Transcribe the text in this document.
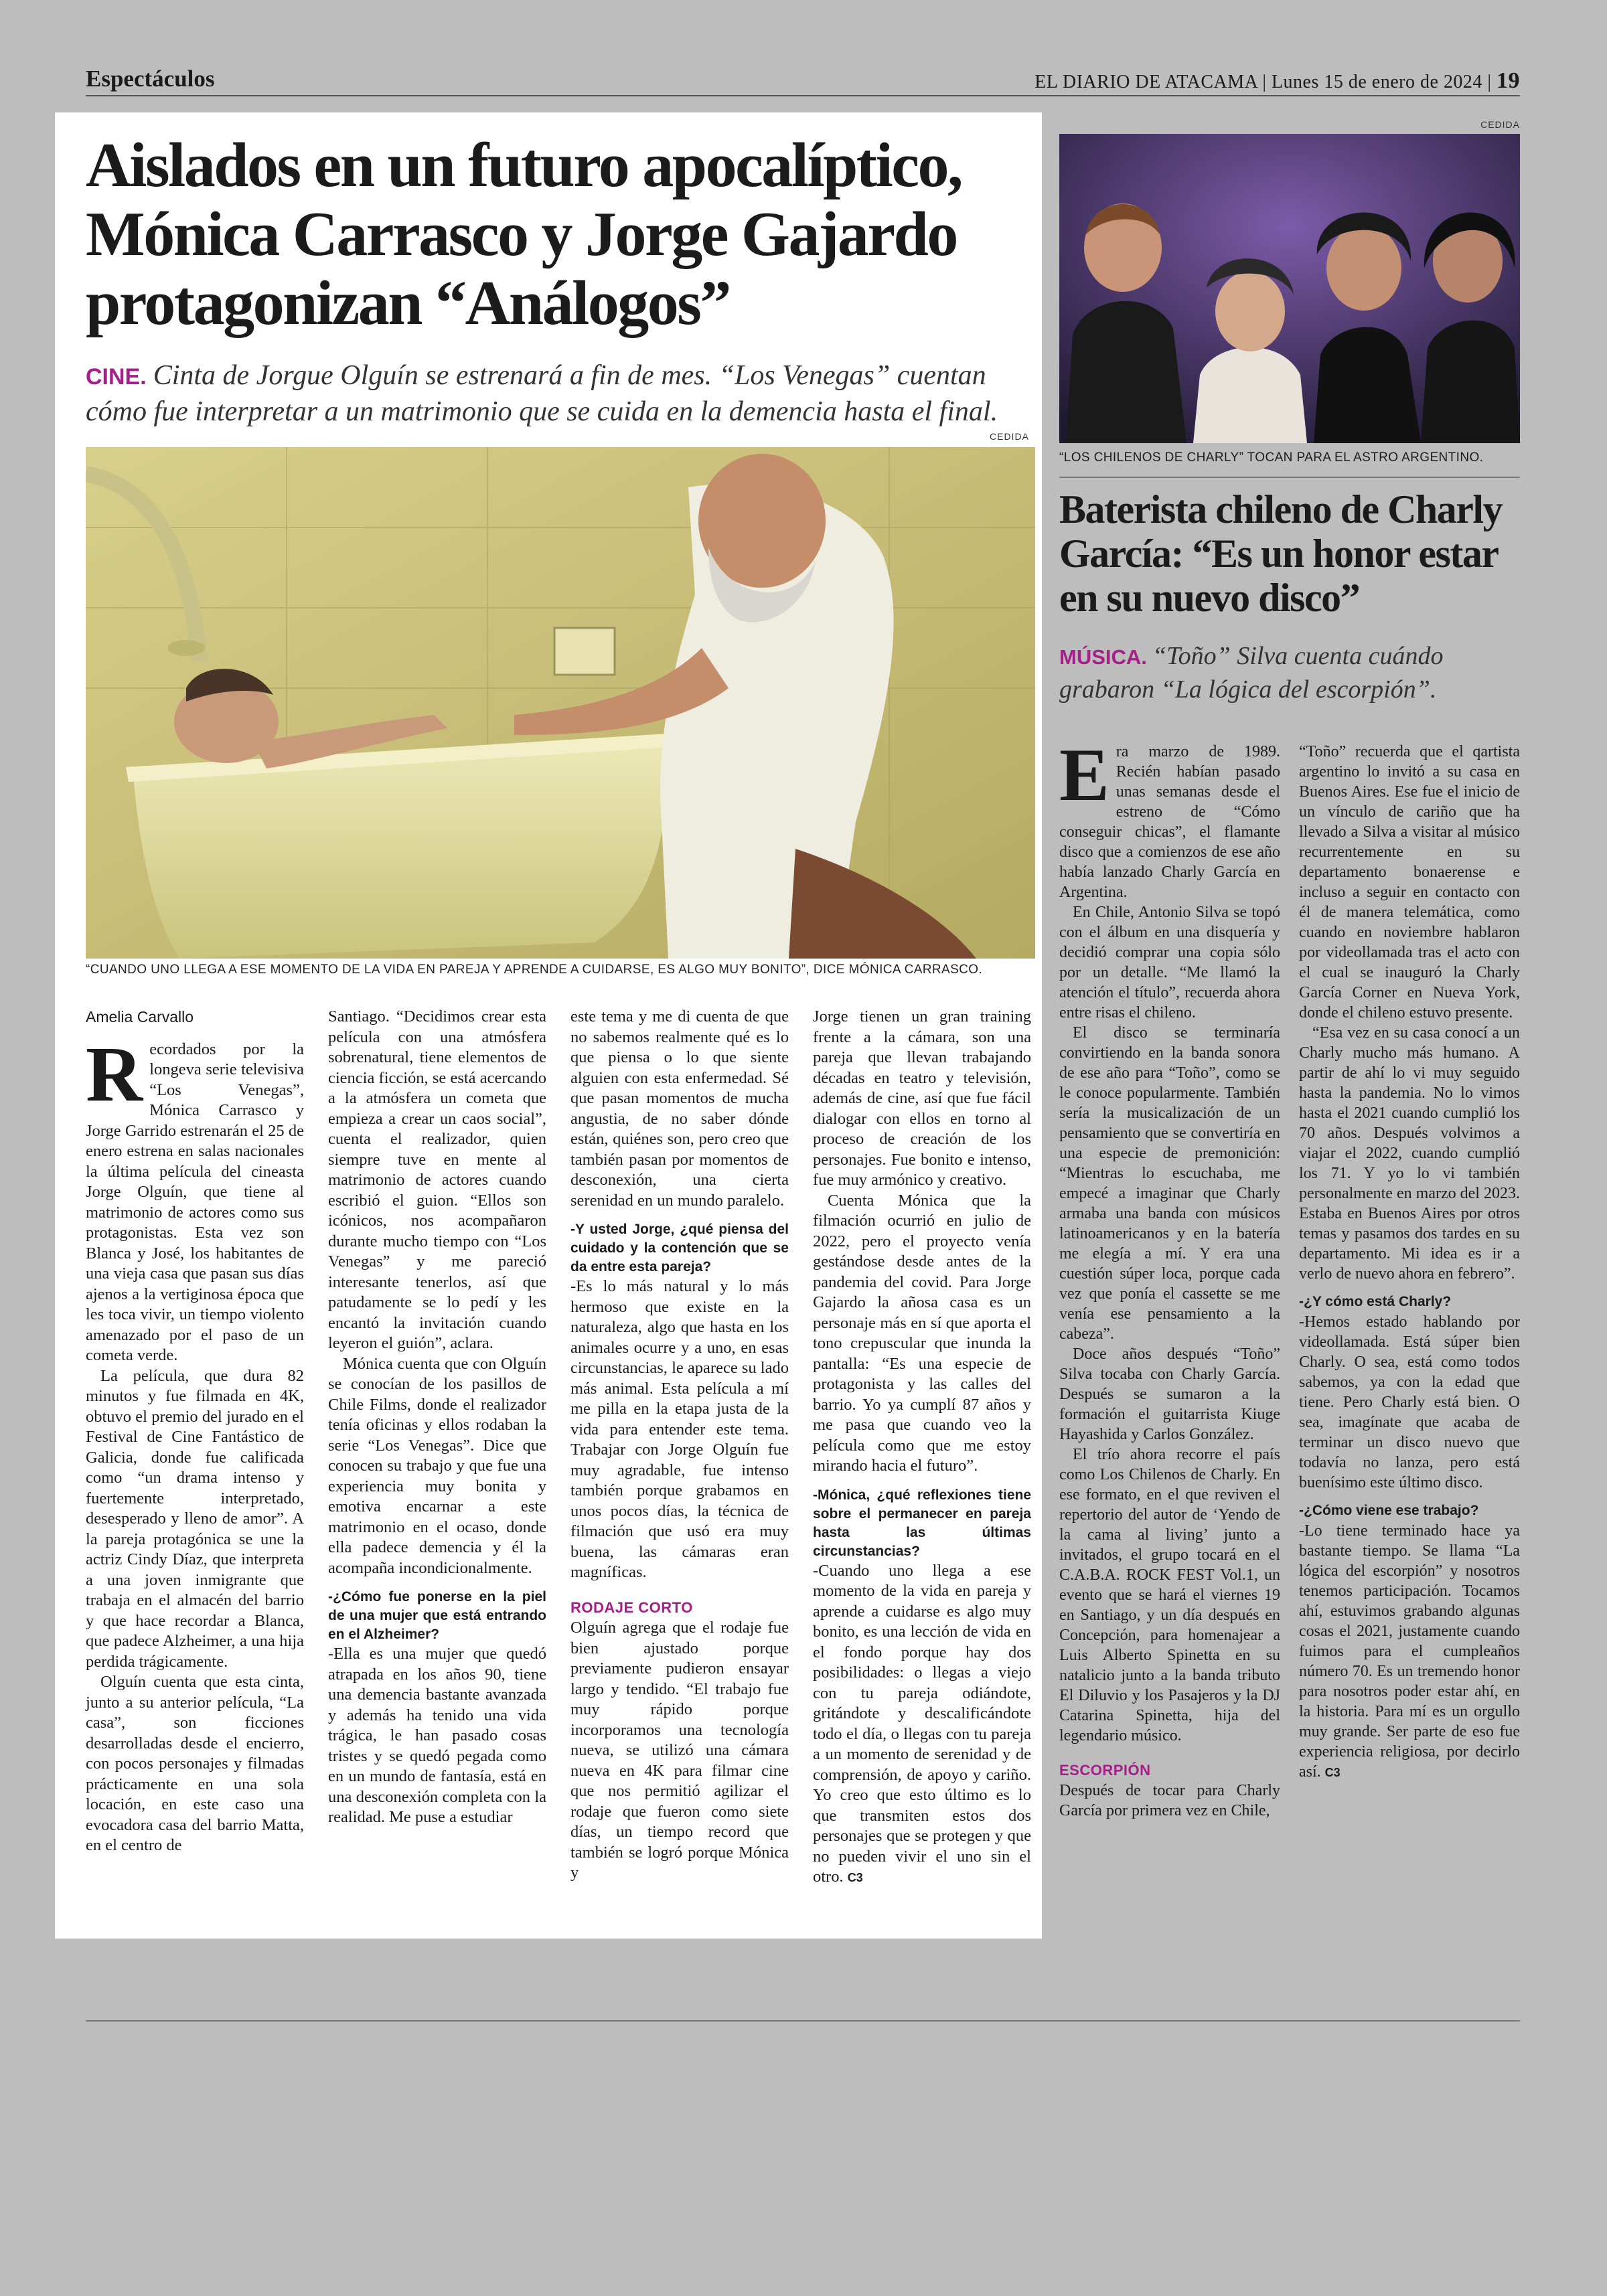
Espectáculos	EL DIARIO DE ATACAMA | Lunes 15 de enero de 2024 | 19
Aislados en un futuro apocalíptico, Mónica Carrasco y Jorge Gajardo protagonizan “Análogos”
CINE. Cinta de Jorgue Olguín se estrenará a fin de mes. “Los Venegas” cuentan cómo fue interpretar a un matrimonio que se cuida en la demencia hasta el final.
CEDIDA
“CUANDO UNO LLEGA A ESE MOMENTO DE LA VIDA EN PAREJA Y APRENDE A CUIDARSE, ES ALGO MUY BONITO”, DICE MÓNICA CARRASCO.
Amelia Carvallo

Recordados por la longeva serie televisiva “Los Venegas”, Mónica Carrasco y Jorge Garrido estrenarán el 25 de enero estrena en salas nacionales la última película del cineasta Jorge Olguín, que tiene al matrimonio de actores como sus protagonistas. Esta vez son Blanca y José, los habitantes de una vieja casa que pasan sus días ajenos a la vertiginosa época que les toca vivir, un tiempo violento amenazado por el paso de un cometa verde.

La película, que dura 82 minutos y fue filmada en 4K, obtuvo el premio del jurado en el Festival de Cine Fantástico de Galicia, donde fue calificada como “un drama intenso y fuertemente interpretado, desesperado y lleno de amor”. A la pareja protagónica se une la actriz Cindy Díaz, que interpreta a una joven inmigrante que trabaja en el almacén del barrio y que hace recordar a Blanca, que padece Alzheimer, a una hija perdida trágicamente.

Olguín cuenta que esta cinta, junto a su anterior película, “La casa”, son ficciones desarrolladas desde el encierro, con pocos personajes y filmadas prácticamente en una sola locación, en este caso una evocadora casa del barrio Matta, en el centro de

Santiago. “Decidimos crear esta película con una atmósfera sobrenatural, tiene elementos de ciencia ficción, se está acercando a la atmósfera un cometa que empieza a crear un caos social”, cuenta el realizador, quien siempre tuve en mente al matrimonio de actores cuando escribió el guion. “Ellos son icónicos, nos acompañaron durante mucho tiempo con “Los Venegas” y me pareció interesante tenerlos, así que patudamente se lo pedí y les encantó la invitación cuando leyeron el guión”, aclara.

Mónica cuenta que con Olguín se conocían de los pasillos de Chile Films, donde el realizador tenía oficinas y ellos rodaban la serie “Los Venegas”. Dice que conocen su trabajo y que fue una experiencia muy bonita y emotiva encarnar a este matrimonio en el ocaso, donde ella padece demencia y él la acompaña incondicionalmente.

-¿Cómo fue ponerse en la piel de una mujer que está entrando en el Alzheimer?

-Ella es una mujer que quedó atrapada en los años 90, tiene una demencia bastante avanzada y además ha tenido una vida trágica, le han pasado cosas tristes y se quedó pegada como en un mundo de fantasía, está en una desconexión completa con la realidad. Me puse a estudiar

este tema y me di cuenta de que no sabemos realmente qué es lo que piensa o lo que siente alguien con esta enfermedad. Sé que pasan momentos de mucha angustia, de no saber dónde están, quiénes son, pero creo que también pasan por momentos de desconexión, una cierta serenidad en un mundo paralelo.

-Y usted Jorge, ¿qué piensa del cuidado y la contención que se da entre esta pareja?

-Es lo más natural y lo más hermoso que existe en la naturaleza, algo que hasta en los animales ocurre y a uno, en esas circunstancias, le aparece su lado más animal. Esta película a mí me pilla en la etapa justa de la vida para entender este tema. Trabajar con Jorge Olguín fue muy agradable, fue intenso también porque grabamos en unos pocos días, la técnica de filmación que usó era muy buena, las cámaras eran magníficas.

RODAJE CORTO

Olguín agrega que el rodaje fue bien ajustado porque previamente pudieron ensayar largo y tendido. “El trabajo fue muy rápido porque incorporamos una tecnología nueva, se utilizó una cámara nueva en 4K para filmar cine que nos permitió agilizar el rodaje que fueron como siete días, un tiempo record que también se logró porque Mónica y

Jorge tienen un gran training frente a la cámara, son una pareja que llevan trabajando décadas en teatro y televisión, además de cine, así que fue fácil dialogar con ellos en torno al proceso de creación de los personajes. Fue bonito e intenso, fue muy armónico y creativo.

Cuenta Mónica que la filmación ocurrió en julio de 2022, pero el proyecto venía gestándose desde antes de la pandemia del covid. Para Jorge Gajardo la añosa casa es un personaje más en sí que aporta el tono crepuscular que inunda la pantalla: “Es una especie de protagonista y las calles del barrio. Yo ya cumplí 87 años y me pasa que cuando veo la película como que me estoy mirando hacia el futuro”.

-Mónica, ¿qué reflexiones tiene sobre el permanecer en pareja hasta las últimas circunstancias?

-Cuando uno llega a ese momento de la vida en pareja y aprende a cuidarse es algo muy bonito, es una lección de vida en el fondo porque hay dos posibilidades: o llegas a viejo con tu pareja odiándote, gritándote y descalificándote todo el día, o llegas con tu pareja a un momento de serenidad y de comprensión, de apoyo y cariño. Yo creo que esto último es lo que transmiten estos dos personajes que se protegen y que no pueden vivir el uno sin el otro. C3

CEDIDA
“LOS CHILENOS DE CHARLY” TOCAN PARA EL ASTRO ARGENTINO.
Baterista chileno de Charly García: “Es un honor estar en su nuevo disco”
MÚSICA. “Toño” Silva cuenta cuándo grabaron “La lógica del escorpión”.

Era marzo de 1989. Recién habían pasado unas semanas desde el estreno de “Cómo conseguir chicas”, el flamante disco que a comienzos de ese año había lanzado Charly García en Argentina.

En Chile, Antonio Silva se topó con el álbum en una disquería y decidió comprar una copia sólo por un detalle. “Me llamó la atención el título”, recuerda ahora entre risas el chileno.

El disco se terminaría convirtiendo en la banda sonora de ese año para “Toño”, como se le conoce popularmente. También sería la musicalización de un pensamiento que se convertiría en una especie de premonición: “Mientras lo escuchaba, me empecé a imaginar que Charly armaba una banda con músicos latinoamericanos y en la batería me elegía a mí. Y era una cuestión súper loca, porque cada vez que ponía el cassette se me venía ese pensamiento a la cabeza”.

Doce años después “Toño” Silva tocaba con Charly García. Después se sumaron a la formación el guitarrista Kiuge Hayashida y Carlos González.

El trío ahora recorre el país como Los Chilenos de Charly. En ese formato, en el que reviven el repertorio del autor de ‘Yendo de la cama al living’ junto a invitados, el grupo tocará en el C.A.B.A. ROCK FEST Vol.1, un evento que se hará el viernes 19 en Santiago, y un día después en Concepción, para homenajear a Luis Alberto Spinetta en su natalicio junto a la banda tributo El Diluvio y los Pasajeros y la DJ Catarina Spinetta, hija del legendario músico.

ESCORPIÓN

Después de tocar para Charly García por primera vez en Chile,

“Toño” recuerda que el qartista argentino lo invitó a su casa en Buenos Aires. Ese fue el inicio de un vínculo de cariño que ha llevado a Silva a visitar al músico recurrentemente en su departamento bonaerense e incluso a seguir en contacto con él de manera telemática, como cuando en noviembre hablaron por videollamada tras el acto con el cual se inauguró la Charly García Corner en Nueva York, donde el chileno estuvo presente.

“Esa vez en su casa conocí a un Charly mucho más humano. A partir de ahí lo vi muy seguido hasta la pandemia. No lo vimos hasta el 2021 cuando cumplió los 70 años. Después volvimos a viajar el 2022, cuando cumplió los 71. Y yo lo vi también personalmente en marzo del 2023. Estaba en Buenos Aires por otros temas y pasamos dos tardes en su departamento. Mi idea es ir a verlo de nuevo ahora en febrero”.

-¿Y cómo está Charly?

-Hemos estado hablando por videollamada. Está súper bien Charly. O sea, está como todos sabemos, ya con la edad que tiene. Pero Charly está bien. O sea, imagínate que acaba de terminar un disco nuevo que todavía no lanza, pero está buenísimo este último disco.

-¿Cómo viene ese trabajo?

-Lo tiene terminado hace ya bastante tiempo. Se llama “La lógica del escorpión” y nosotros tenemos participación. Tocamos ahí, estuvimos grabando algunas cosas el 2021, justamente cuando fuimos para el cumpleaños número 70. Es un tremendo honor para nosotros poder estar ahí, en la historia. Para mí es un orgullo muy grande. Ser parte de eso fue experiencia religiosa, por decirlo así. C3
